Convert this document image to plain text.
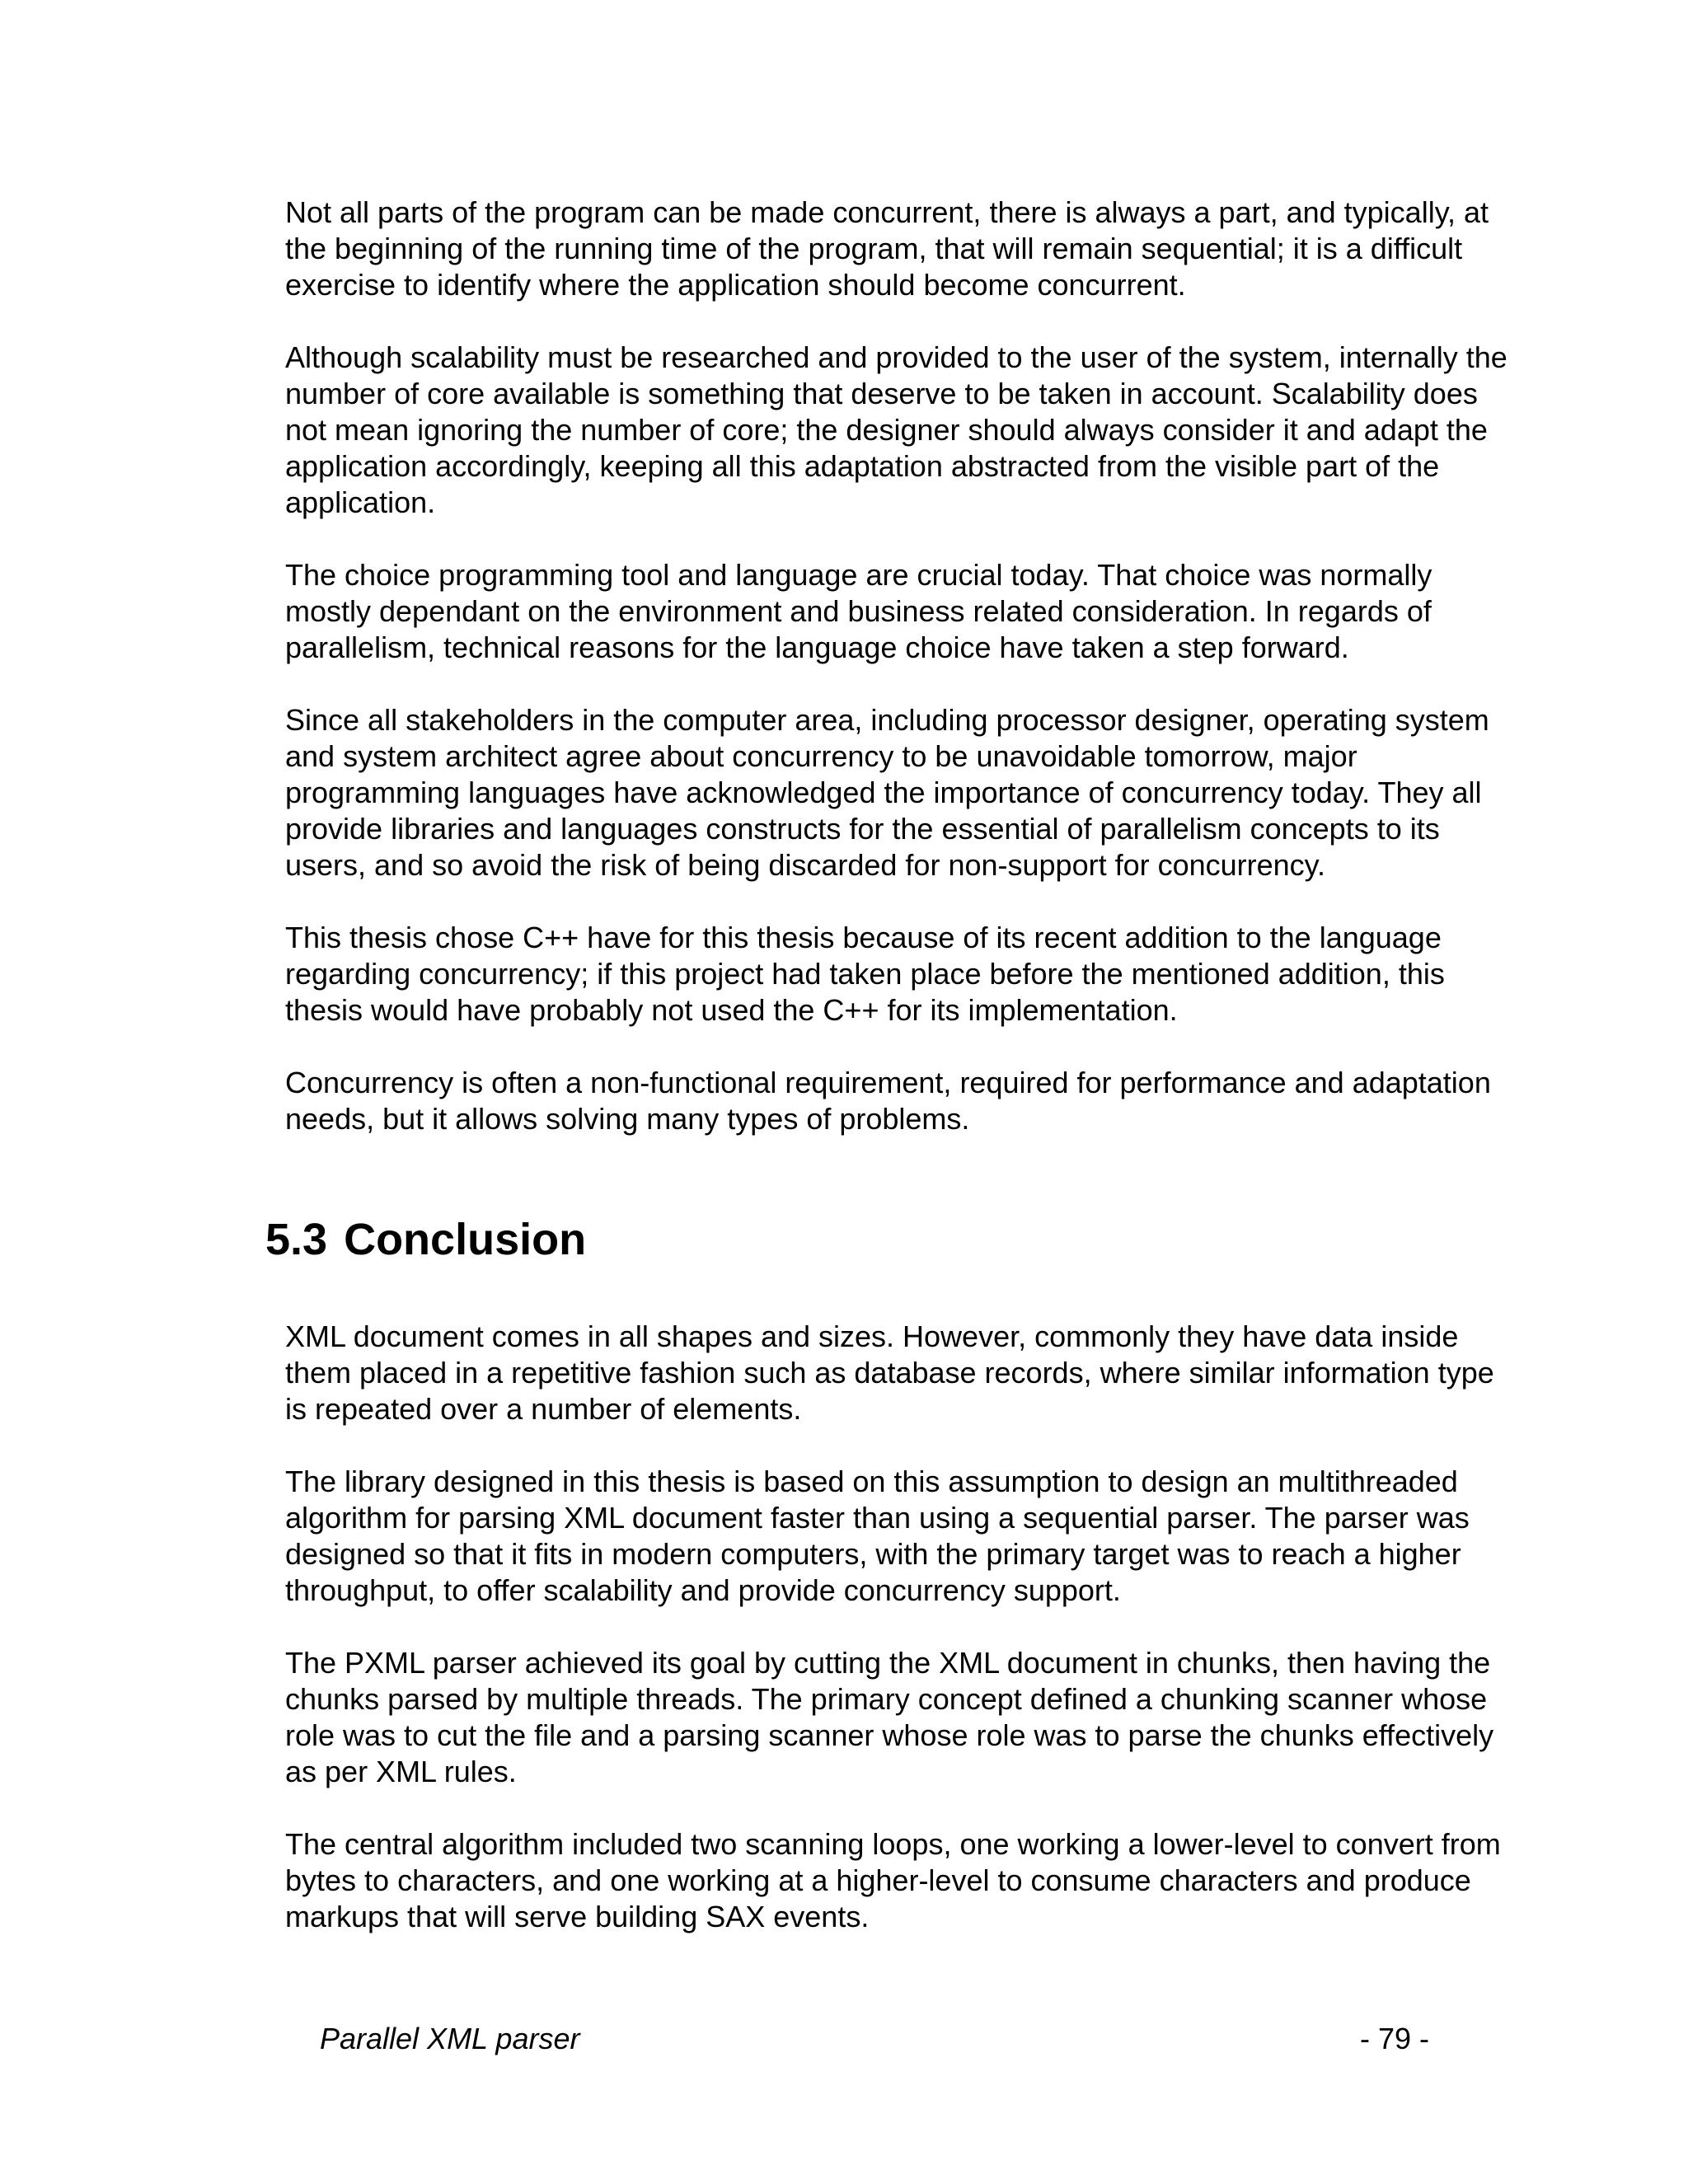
Not all parts of the program can be made concurrent, there is always a part, and typically, at the beginning of the running time of the program, that will remain sequential; it is a difficult exercise to identify where the application should become concurrent.

Although scalability must be researched and provided to the user of the system, internally the number of core available is something that deserve to be taken in account. Scalability does not mean ignoring the number of core; the designer should always consider it and adapt the application accordingly, keeping all this adaptation abstracted from the visible part of the application.

The choice programming tool and language are crucial today. That choice was normally mostly dependant on the environment and business related consideration. In regards of parallelism, technical reasons for the language choice have taken a step forward.

Since all stakeholders in the computer area, including processor designer, operating system and system architect agree about concurrency to be unavoidable tomorrow, major programming languages have acknowledged the importance of concurrency today. They all provide libraries and languages constructs for the essential of parallelism concepts to its users, and so avoid the risk of being discarded for non-support for concurrency.

This thesis chose C++ have for this thesis because of its recent addition to the language regarding concurrency; if this project had taken place before the mentioned addition, this thesis would have probably not used the C++ for its implementation.

Concurrency is often a non-functional requirement, required for performance and adaptation needs, but it allows solving many types of problems.

5.3 Conclusion

XML document comes in all shapes and sizes. However, commonly they have data inside them placed in a repetitive fashion such as database records, where similar information type is repeated over a number of elements.

The library designed in this thesis is based on this assumption to design an multithreaded algorithm for parsing XML document faster than using a sequential parser. The parser was designed so that it fits in modern computers, with the primary target was to reach a higher throughput, to offer scalability and provide concurrency support.

The PXML parser achieved its goal by cutting the XML document in chunks, then having the chunks parsed by multiple threads. The primary concept defined a chunking scanner whose role was to cut the file and a parsing scanner whose role was to parse the chunks effectively as per XML rules.

The central algorithm included two scanning loops, one working a lower-level to convert from bytes to characters, and one working at a higher-level to consume characters and produce markups that will serve building SAX events.

Parallel XML parser	- 79 -
